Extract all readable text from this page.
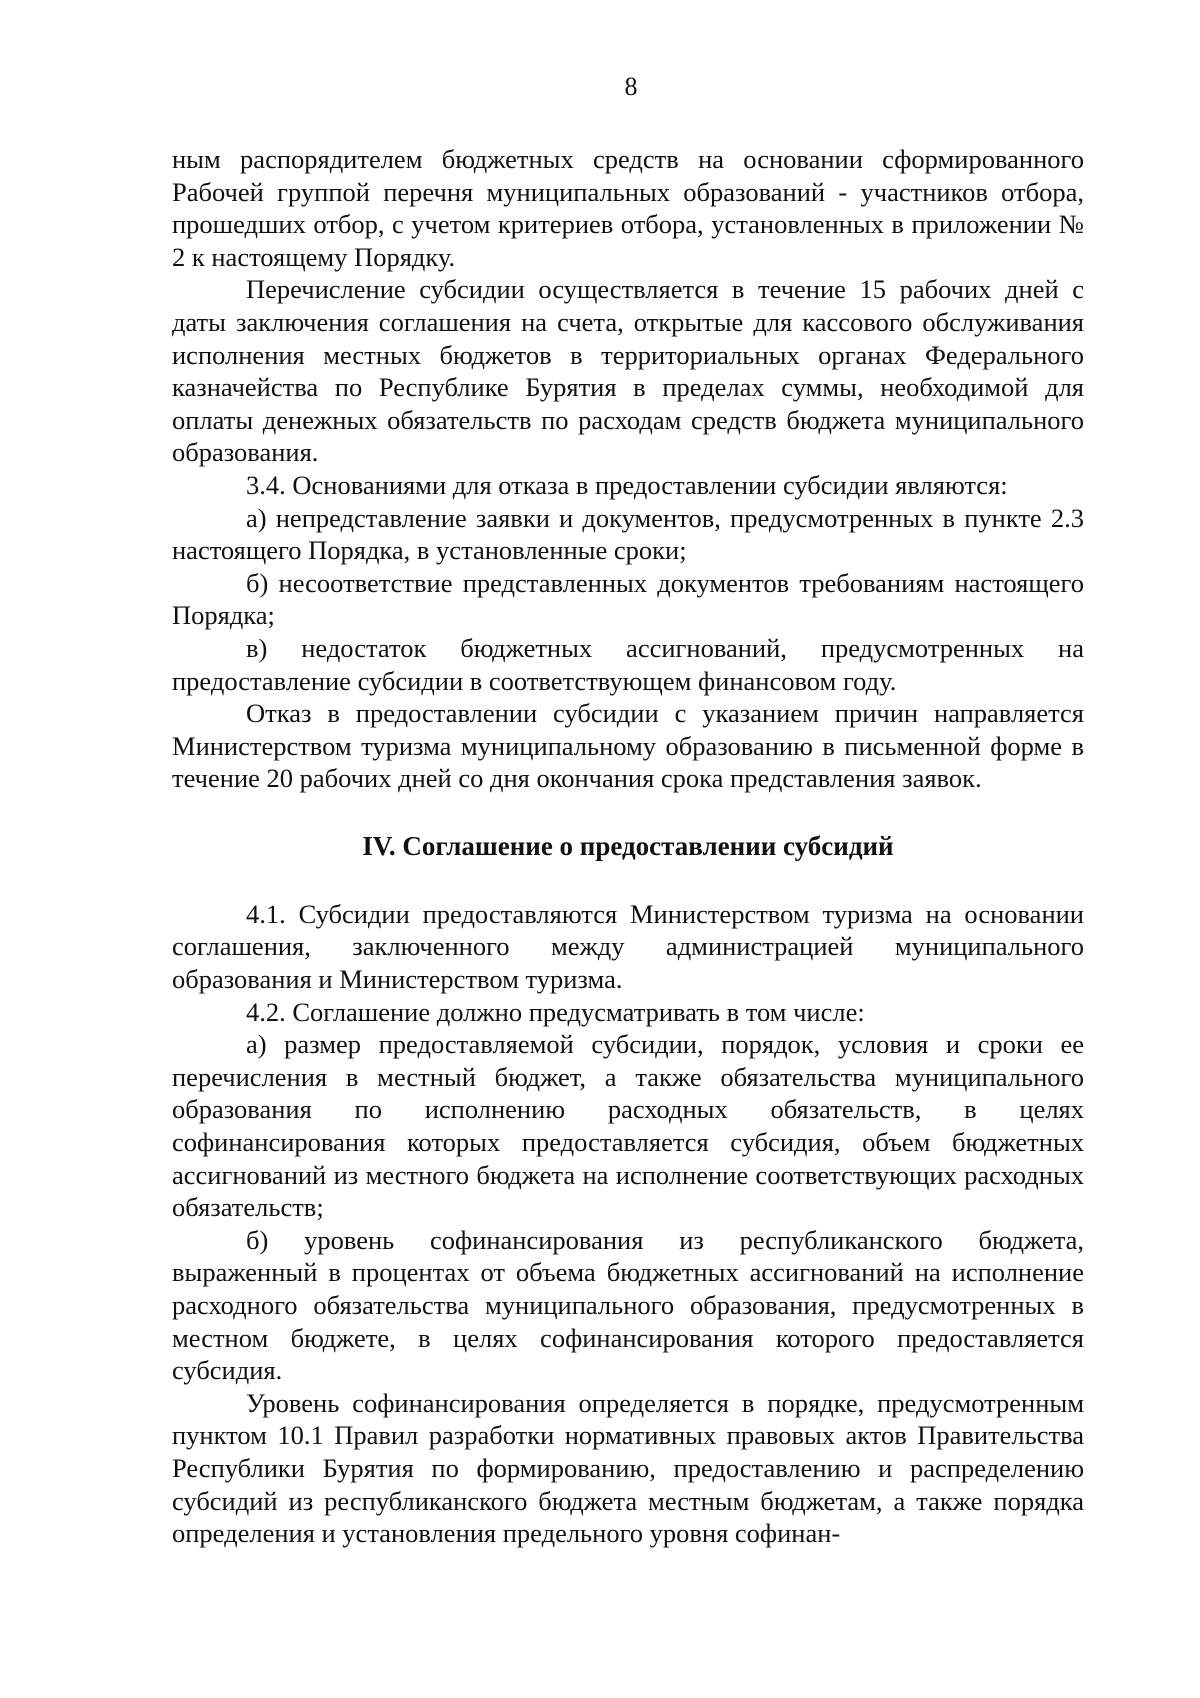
8

ным распорядителем бюджетных средств на основании сформированного Рабочей группой перечня муниципальных образований - участников отбора, прошедших отбор, с учетом критериев отбора, установленных в приложении № 2 к настоящему Порядку.

Перечисление субсидии осуществляется в течение 15 рабочих дней с даты заключения соглашения на счета, открытые для кассового обслуживания исполнения местных бюджетов в территориальных органах Федерального казначейства по Республике Бурятия в пределах суммы, необходимой для оплаты денежных обязательств по расходам средств бюджета муниципального образования.

3.4. Основаниями для отказа в предоставлении субсидии являются:

а) непредставление заявки и документов, предусмотренных в пункте 2.3 настоящего Порядка, в установленные сроки;

б) несоответствие представленных документов требованиям настоящего Порядка;

в) недостаток бюджетных ассигнований, предусмотренных на предоставление субсидии в соответствующем финансовом году.

Отказ в предоставлении субсидии с указанием причин направляется Министерством туризма муниципальному образованию в письменной форме в течение 20 рабочих дней со дня окончания срока представления заявок.

IV. Соглашение о предоставлении субсидий

4.1. Субсидии предоставляются Министерством туризма на основании соглашения, заключенного между администрацией муниципального образования и Министерством туризма.

4.2. Соглашение должно предусматривать в том числе:

а) размер предоставляемой субсидии, порядок, условия и сроки ее перечисления в местный бюджет, а также обязательства муниципального образования по исполнению расходных обязательств, в целях софинансирования которых предоставляется субсидия, объем бюджетных ассигнований из местного бюджета на исполнение соответствующих расходных обязательств;

б) уровень софинансирования из республиканского бюджета, выраженный в процентах от объема бюджетных ассигнований на исполнение расходного обязательства муниципального образования, предусмотренных в местном бюджете, в целях софинансирования которого предоставляется субсидия.

Уровень софинансирования определяется в порядке, предусмотренным пунктом 10.1 Правил разработки нормативных правовых актов Правительства Республики Бурятия по формированию, предоставлению и распределению субсидий из республиканского бюджета местным бюджетам, а также порядка определения и установления предельного уровня софинан-
